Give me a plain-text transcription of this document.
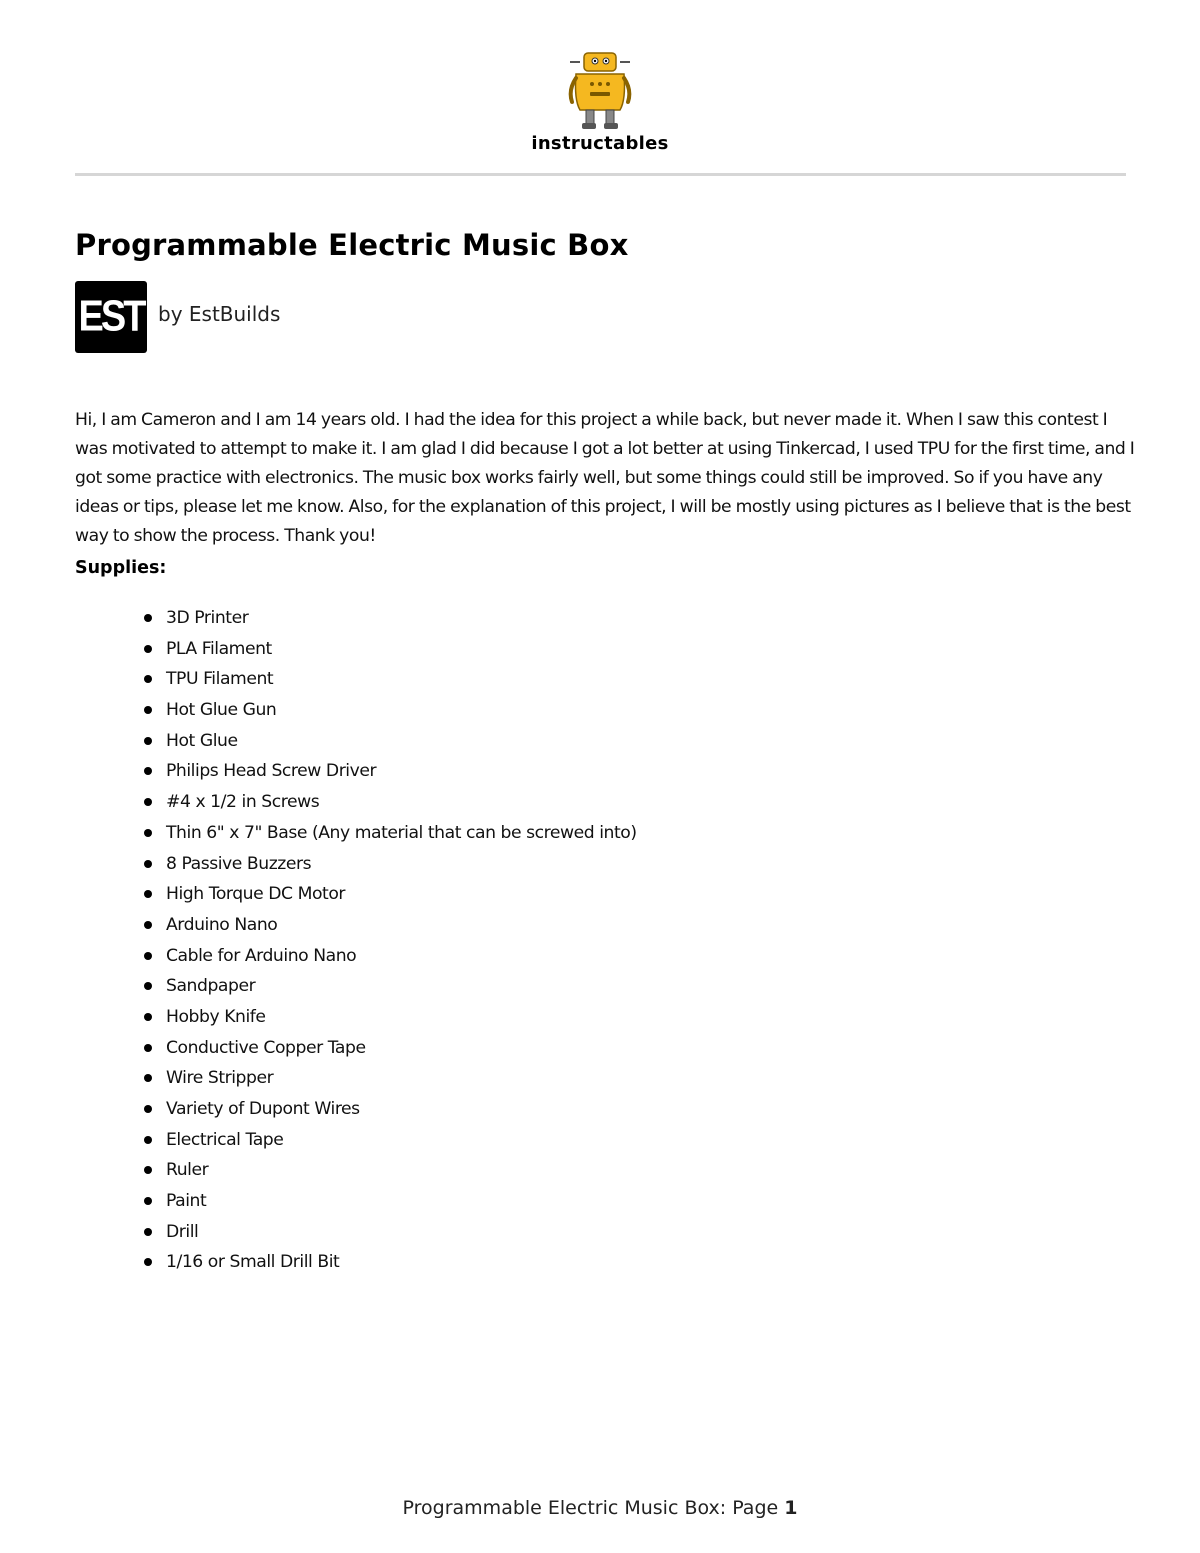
instructables
Programmable Electric Music Box
EST by EstBuilds

Hi, I am Cameron and I am 14 years old. I had the idea for this project a while back, but never made it. When I saw this contest I was motivated to attempt to make it. I am glad I did because I got a lot better at using Tinkercad, I used TPU for the first time, and I got some practice with electronics. The music box works fairly well, but some things could still be improved. So if you have any ideas or tips, please let me know. Also, for the explanation of this project, I will be mostly using pictures as I believe that is the best way to show the process. Thank you!

Supplies:
3D Printer
PLA Filament
TPU Filament
Hot Glue Gun
Hot Glue
Philips Head Screw Driver
#4 x 1/2 in Screws
Thin 6" x 7" Base (Any material that can be screwed into)
8 Passive Buzzers
High Torque DC Motor
Arduino Nano
Cable for Arduino Nano
Sandpaper
Hobby Knife
Conductive Copper Tape
Wire Stripper
Variety of Dupont Wires
Electrical Tape
Ruler
Paint
Drill
1/16 or Small Drill Bit
Programmable Electric Music Box: Page 1
